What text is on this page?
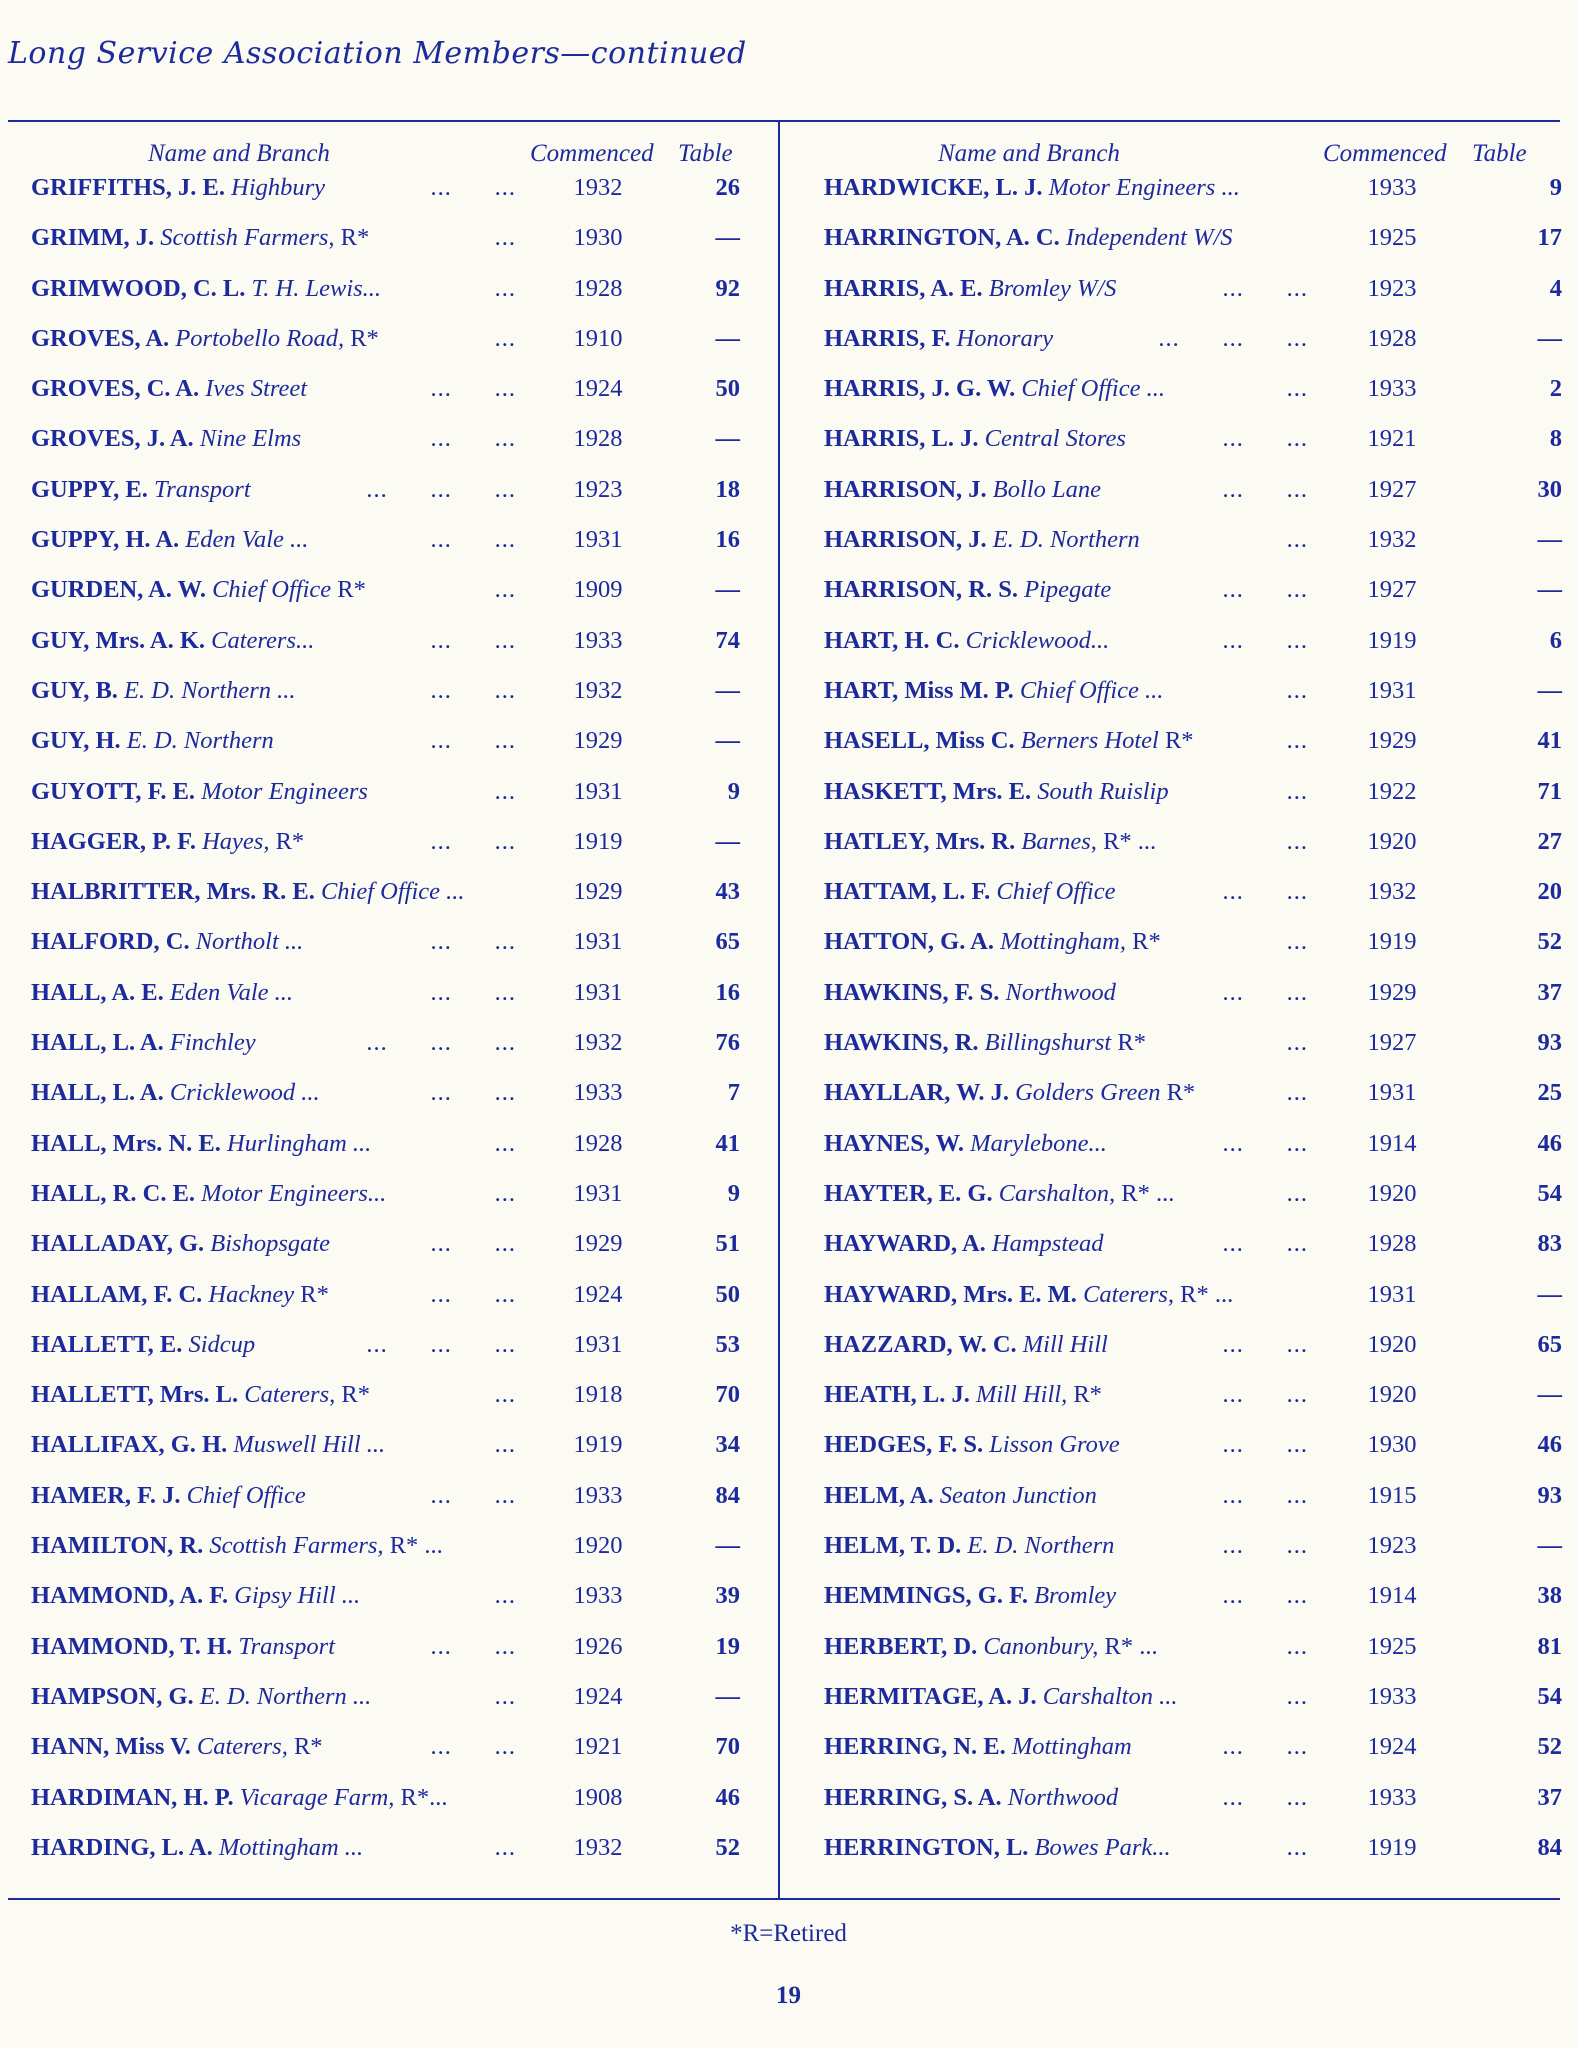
Long Service Association Members—continued
Name and Branch	Commenced Table
GRIFFITHS, J. E. Highbury	...      ...	1932	26
GRIMM, J. Scottish Farmers, R*	...	1930	—
GRIMWOOD, C. L. T. H. Lewis...	...	1928	92
GROVES, A. Portobello Road, R*	...	1910	—
GROVES, C. A. Ives Street	...      ...	1924	50
GROVES, J. A. Nine Elms	...      ...	1928	—
GUPPY, E. Transport	...      ...      ...	1923	18
GUPPY, H. A. Eden Vale ...	...      ...	1931	16
GURDEN, A. W. Chief Office R*	...	1909	—
GUY, Mrs. A. K. Caterers...	...      ...	1933	74
GUY, B. E. D. Northern ...	...      ...	1932	—
GUY, H. E. D. Northern	...      ...	1929	—
GUYOTT, F. E. Motor Engineers	...	1931	9
HAGGER, P. F. Hayes, R*	...      ...	1919	—
HALBRITTER, Mrs. R. E. Chief Office ...	1929	43
HALFORD, C. Northolt ...	...      ...	1931	65
HALL, A. E. Eden Vale ...	...      ...	1931	16
HALL, L. A. Finchley	...      ...      ...	1932	76
HALL, L. A. Cricklewood ...	...      ...	1933	7
HALL, Mrs. N. E. Hurlingham ...	...	1928	41
HALL, R. C. E. Motor Engineers...	...	1931	9
HALLADAY, G. Bishopsgate	...      ...	1929	51
HALLAM, F. C. Hackney R*	...      ...	1924	50
HALLETT, E. Sidcup	...      ...      ...	1931	53
HALLETT, Mrs. L. Caterers, R*	...	1918	70
HALLIFAX, G. H. Muswell Hill ...	...	1919	34
HAMER, F. J. Chief Office	...      ...	1933	84
HAMILTON, R. Scottish Farmers, R* ...	1920	—
HAMMOND, A. F. Gipsy Hill ...	...	1933	39
HAMMOND, T. H. Transport	...      ...	1926	19
HAMPSON, G. E. D. Northern ...	...	1924	—
HANN, Miss V. Caterers, R*	...      ...	1921	70
HARDIMAN, H. P. Vicarage Farm, R*...	1908	46
HARDING, L. A. Mottingham ...	...	1932	52
Name and Branch	Commenced Table
HARDWICKE, L. J. Motor Engineers ...	1933	9
HARRINGTON, A. C. Independent W/S	1925	17
HARRIS, A. E. Bromley W/S	...      ...	1923	4
HARRIS, F. Honorary	...      ...      ...	1928	—
HARRIS, J. G. W. Chief Office ...	...	1933	2
HARRIS, L. J. Central Stores	...      ...	1921	8
HARRISON, J. Bollo Lane	...      ...	1927	30
HARRISON, J. E. D. Northern	...	1932	—
HARRISON, R. S. Pipegate	...      ...	1927	—
HART, H. C. Cricklewood...	...      ...	1919	6
HART, Miss M. P. Chief Office ...	...	1931	—
HASELL, Miss C. Berners Hotel R*	...	1929	41
HASKETT, Mrs. E. South Ruislip	...	1922	71
HATLEY, Mrs. R. Barnes, R* ...	...	1920	27
HATTAM, L. F. Chief Office	...      ...	1932	20
HATTON, G. A. Mottingham, R*	...	1919	52
HAWKINS, F. S. Northwood	...      ...	1929	37
HAWKINS, R. Billingshurst R*	...	1927	93
HAYLLAR, W. J. Golders Green R*	...	1931	25
HAYNES, W. Marylebone...	...      ...	1914	46
HAYTER, E. G. Carshalton, R* ...	...	1920	54
HAYWARD, A. Hampstead	...      ...	1928	83
HAYWARD, Mrs. E. M. Caterers, R* ...	1931	—
HAZZARD, W. C. Mill Hill	...      ...	1920	65
HEATH, L. J. Mill Hill, R*	...      ...	1920	—
HEDGES, F. S. Lisson Grove	...      ...	1930	46
HELM, A. Seaton Junction	...      ...	1915	93
HELM, T. D. E. D. Northern	...      ...	1923	—
HEMMINGS, G. F. Bromley	...      ...	1914	38
HERBERT, D. Canonbury, R* ...	...	1925	81
HERMITAGE, A. J. Carshalton ...	...	1933	54
HERRING, N. E. Mottingham	...      ...	1924	52
HERRING, S. A. Northwood	...      ...	1933	37
HERRINGTON, L. Bowes Park...	...	1919	84
*R=Retired
19
